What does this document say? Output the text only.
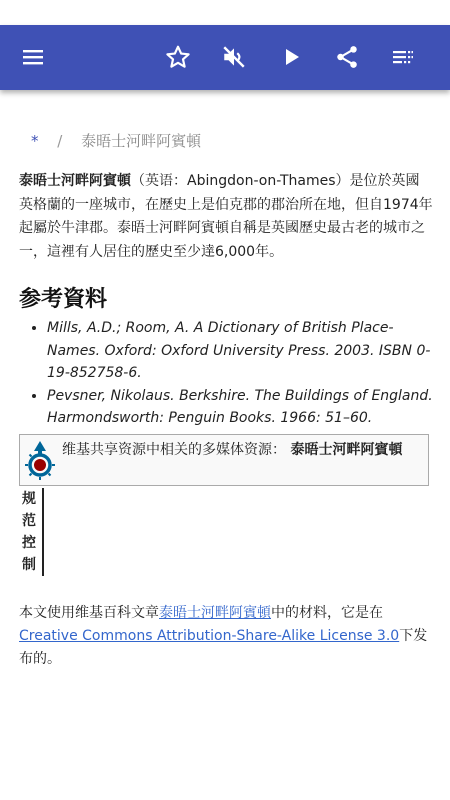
* / 泰晤士河畔阿賓頓

泰晤士河畔阿賓頓（英语：Abingdon-on-Thames）是位於英國英格蘭的一座城市，在歷史上是伯克郡的郡治所在地，但自1974年起屬於牛津郡。泰晤士河畔阿賓頓自稱是英國歷史最古老的城市之一，這裡有人居住的歷史至少達6,000年。

参考資料
• Mills, A.D.; Room, A. A Dictionary of British Place-Names. Oxford: Oxford University Press. 2003. ISBN 0-19-852758-6.
• Pevsner, Nikolaus. Berkshire. The Buildings of England. Harmondsworth: Penguin Books. 1966: 51–60.
维基共享资源中相关的多媒体资源： 泰晤士河畔阿賓頓
规范控制
本文使用维基百科文章泰晤士河畔阿賓頓中的材料，它是在Creative Commons Attribution-Share-Alike License 3.0下发布的。
